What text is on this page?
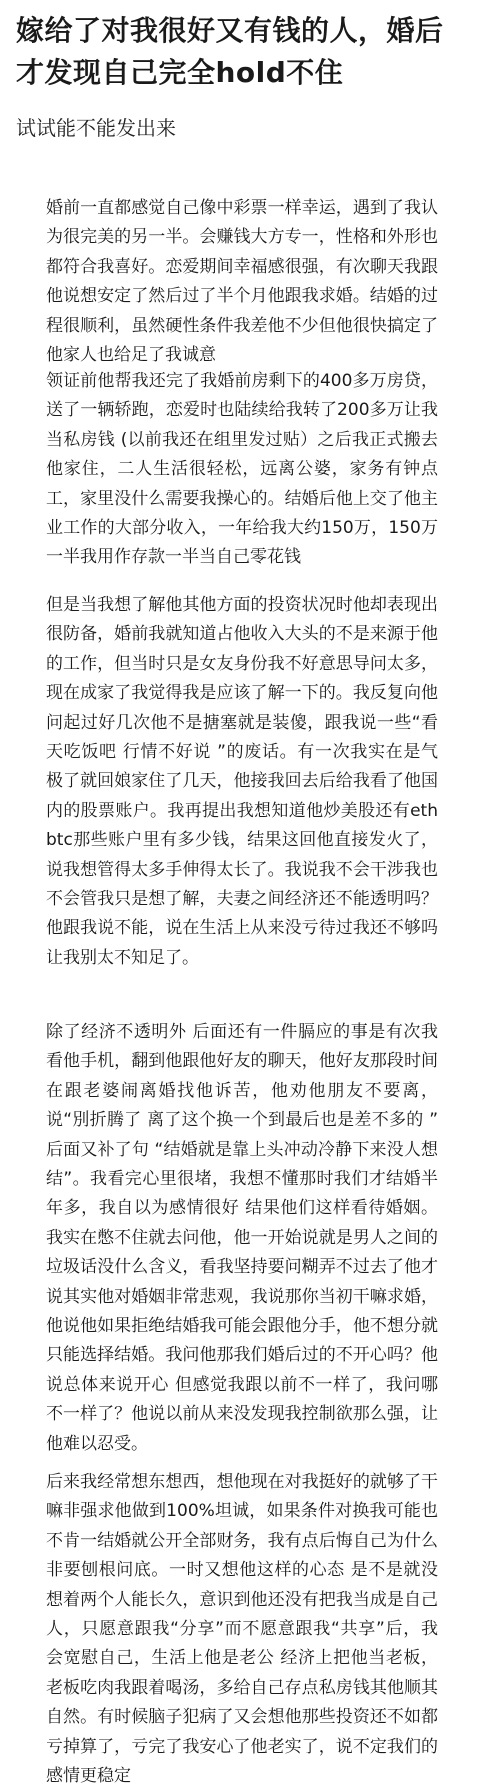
嫁给了对我很好又有钱的人，婚后才发现自己完全hold不住

试试能不能发出来

婚前一直都感觉自己像中彩票一样幸运，遇到了我认为很完美的另一半。会赚钱大方专一，性格和外形也都符合我喜好。恋爱期间幸福感很强，有次聊天我跟他说想安定了然后过了半个月他跟我求婚。结婚的过程很顺利，虽然硬性条件我差他不少但他很快搞定了他家人也给足了我诚意

领证前他帮我还完了我婚前房剩下的400多万房贷，送了一辆轿跑，恋爱时也陆续给我转了200多万让我当私房钱 (以前我还在组里发过贴）之后我正式搬去他家住，二人生活很轻松，远离公婆，家务有钟点工，家里没什么需要我操心的。结婚后他上交了他主业工作的大部分收入，一年给我大约150万，150万一半我用作存款一半当自己零花钱

但是当我想了解他其他方面的投资状况时他却表现出很防备，婚前我就知道占他收入大头的不是来源于他的工作，但当时只是女友身份我不好意思导问太多，现在成家了我觉得我是应该了解一下的。我反复向他问起过好几次他不是搪塞就是装傻，跟我说一些“看天吃饭吧 行情不好说 ”的废话。有一次我实在是气极了就回娘家住了几天，他接我回去后给我看了他国内的股票账户。我再提出我想知道他炒美股还有eth btc那些账户里有多少钱，结果这回他直接发火了，说我想管得太多手伸得太长了。我说我不会干涉我也不会管我只是想了解，夫妻之间经济还不能透明吗？他跟我说不能，说在生活上从来没亏待过我还不够吗 让我别太不知足了。

除了经济不透明外 后面还有一件膈应的事是有次我看他手机，翻到他跟他好友的聊天，他好友那段时间在跟老婆闹离婚找他诉苦，他劝他朋友不要离，说“別折腾了 离了这个换一个到最后也是差不多的 ” 后面又补了句 “结婚就是靠上头冲动冷静下来没人想结”。我看完心里很堵，我想不懂那时我们才结婚半年多，我自以为感情很好 结果他们这样看待婚姻。我实在憋不住就去问他，他一开始说就是男人之间的垃圾话没什么含义，看我坚持要问糊弄不过去了他才说其实他对婚姻非常悲观，我说那你当初干嘛求婚，他说他如果拒绝结婚我可能会跟他分手，他不想分就只能选择结婚。我问他那我们婚后过的不开心吗？他说总体来说开心 但感觉我跟以前不一样了，我问哪不一样了？他说以前从来没发现我控制欲那么强，让他难以忍受。

后来我经常想东想西，想他现在对我挺好的就够了干嘛非强求他做到100%坦诚，如果条件对换我可能也不肯一结婚就公开全部财务，我有点后悔自己为什么非要刨根问底。一时又想他这样的心态 是不是就没想着两个人能长久，意识到他还没有把我当成是自己人，只愿意跟我“分享”而不愿意跟我“共享”后，我会宽慰自己，生活上他是老公 经济上把他当老板，老板吃肉我跟着喝汤，多给自己存点私房钱其他顺其自然。有时候脑子犯病了又会想他那些投资还不如都亏掉算了，亏完了我安心了他老实了，说不定我们的感情更稳定
